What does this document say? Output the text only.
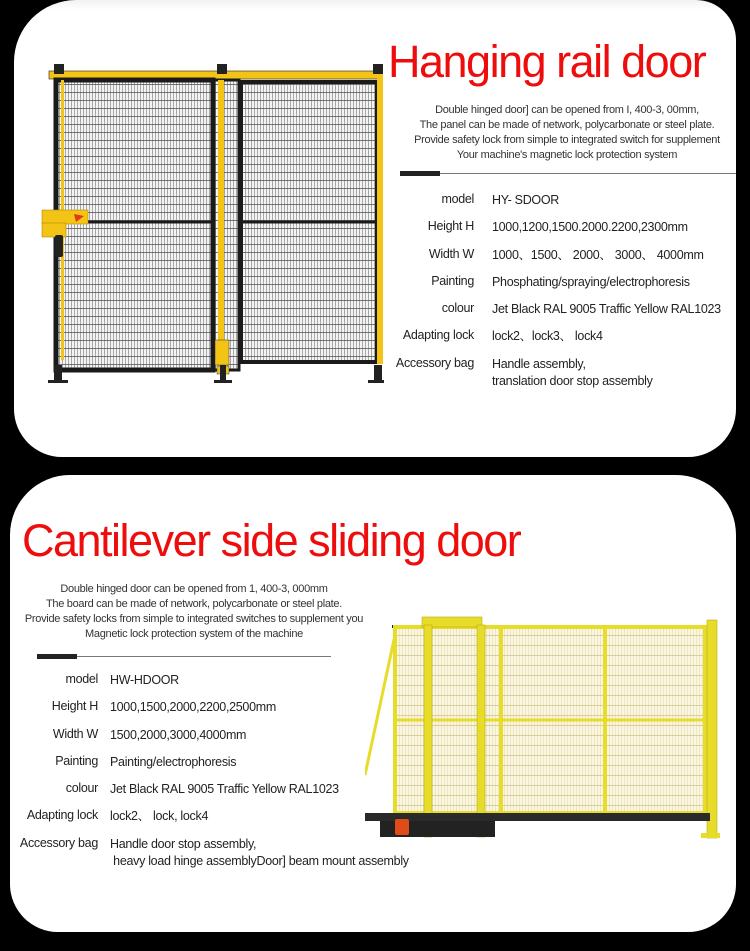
Hanging rail door
Double hinged door] can be opened from I, 400-3, 00mm,
The panel can be made of network, polycarbonate or steel plate.
Provide safety lock from simple to integrated switch for supplement
Your machine's magnetic lock protection system
model HY- SDOOR
Height H 1000,1200,1500.2000.2200,2300mm
Width W 1000、1500、 2000、 3000、 4000mm
Painting Phosphating/spraying/electrophoresis
colour Jet Black RAL 9005 Traffic Yellow RAL1023
Adapting lock lock2、lock3、 lock4
Accessory bag Handle assembly,
translation door stop assembly
Cantilever side sliding door
Double hinged door can be opened from 1, 400-3, 000mm
The board can be made of network, polycarbonate or steel plate.
Provide safety locks from simple to integrated switches to supplement you
Magnetic lock protection system of the machine
model HW-HDOOR
Height H 1000,1500,2000,2200,2500mm
Width W 1500,2000,3000,4000mm
Painting Painting/electrophoresis
colour Jet Black RAL 9005 Traffic Yellow RAL1023
Adapting lock lock2、 lock, lock4
Accessory bag Handle door stop assembly,
heavy load hinge assemblyDoor] beam mount assembly
